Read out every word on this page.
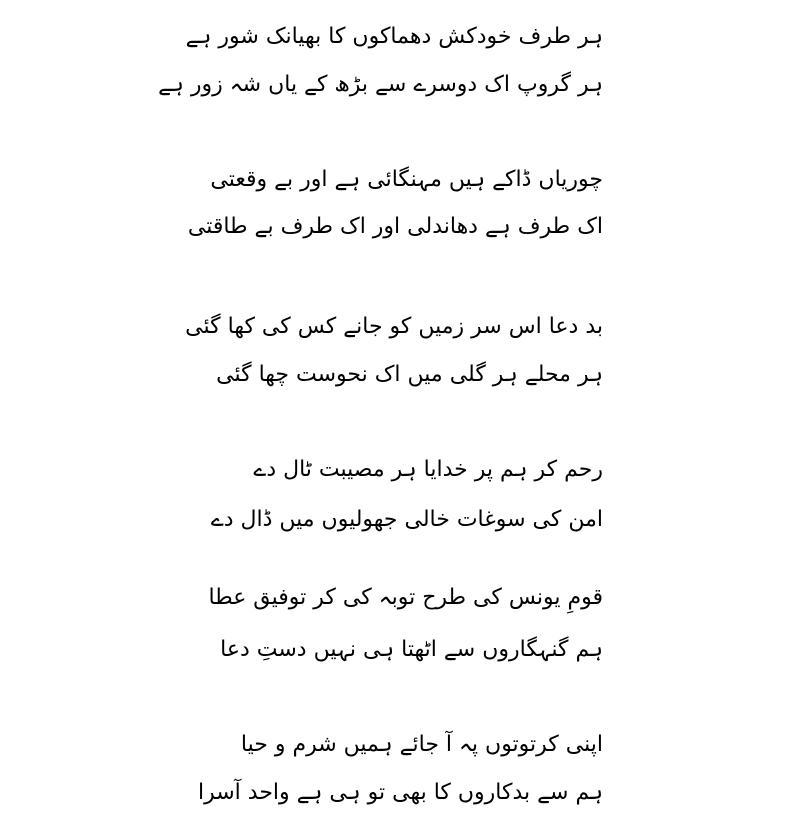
ہر طرف خودکش دھماکوں کا بھیانک شور ہے
ہر گروپ اک دوسرے سے بڑھ کے یاں شہ زور ہے
چوریاں ڈاکے ہیں مہنگائی ہے اور بے وقعتی
اک طرف ہے دھاندلی اور اک طرف بے طاقتی
بد دعا اس سر زمیں کو جانے کس کی کھا گئی
ہر محلے ہر گلی میں اک نحوست چھا گئی
رحم کر ہم پر خدایا ہر مصیبت ٹال دے
امن کی سوغات خالی جھولیوں میں ڈال دے
قومِ یونس کی طرح توبہ کی کر توفیق عطا
ہم گنہگاروں سے اٹھتا ہی نہیں دستِ دعا
اپنی کرتوتوں پہ آ جائے ہمیں شرم و حیا
ہم سے بدکاروں کا بھی تو ہی ہے واحد آسرا
